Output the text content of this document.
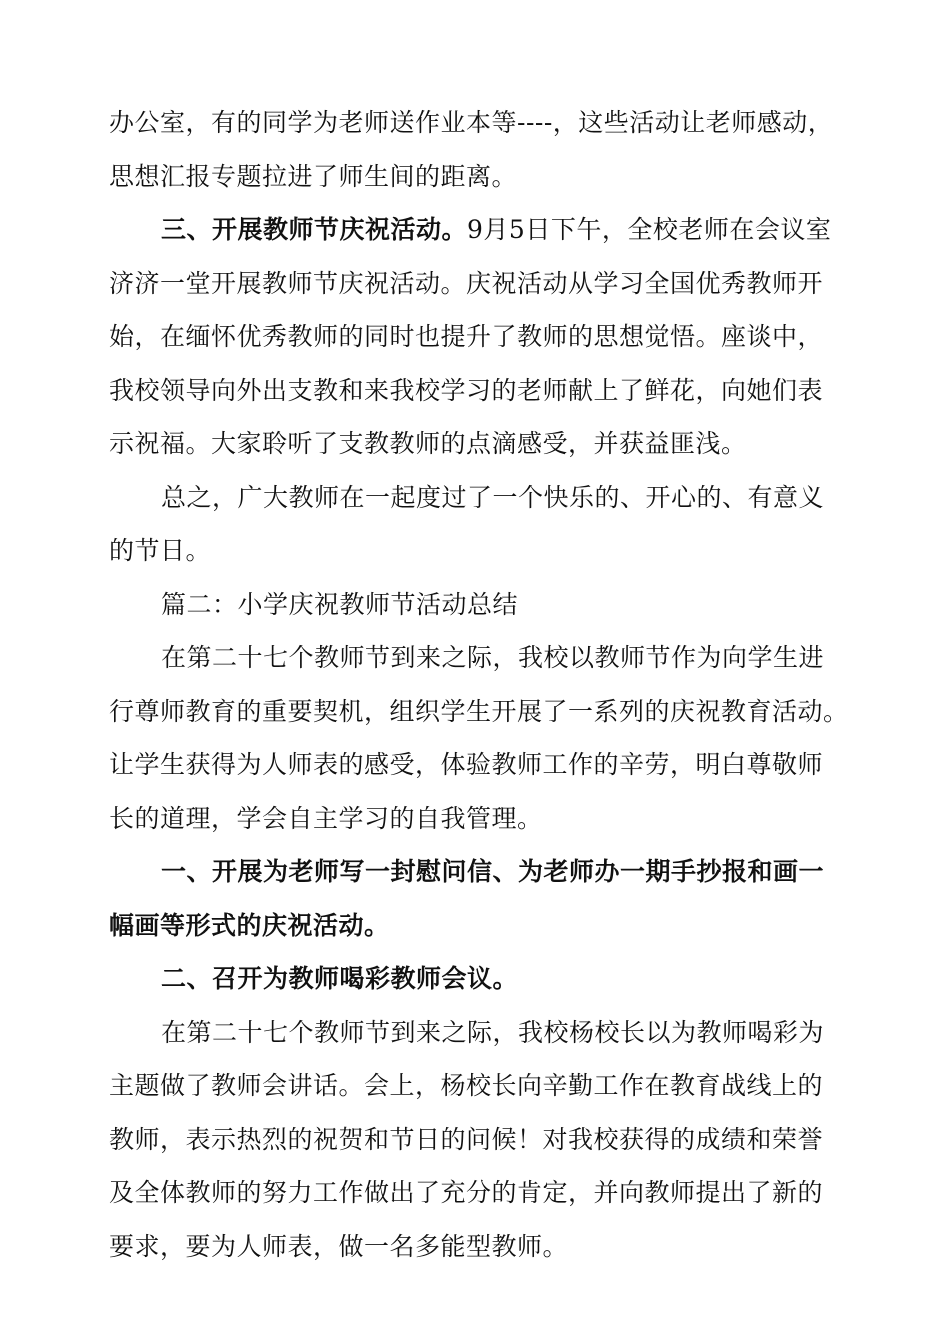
办公室，有的同学为老师送作业本等----，这些活动让老师感动，
思想汇报专题拉进了师生间的距离。
三、开展教师节庆祝活动。9月5日下午，全校老师在会议室
济济一堂开展教师节庆祝活动。庆祝活动从学习全国优秀教师开
始，在缅怀优秀教师的同时也提升了教师的思想觉悟。座谈中，
我校领导向外出支教和来我校学习的老师献上了鲜花，向她们表
示祝福。大家聆听了支教教师的点滴感受，并获益匪浅。
总之，广大教师在一起度过了一个快乐的、开心的、有意义
的节日。
篇二：小学庆祝教师节活动总结
在第二十七个教师节到来之际，我校以教师节作为向学生进
行尊师教育的重要契机，组织学生开展了一系列的庆祝教育活动。
让学生获得为人师表的感受，体验教师工作的辛劳，明白尊敬师
长的道理，学会自主学习的自我管理。
一、开展为老师写一封慰问信、为老师办一期手抄报和画一
幅画等形式的庆祝活动。
二、召开为教师喝彩教师会议。
在第二十七个教师节到来之际，我校杨校长以为教师喝彩为
主题做了教师会讲话。会上，杨校长向辛勤工作在教育战线上的
教师，表示热烈的祝贺和节日的问候！对我校获得的成绩和荣誉
及全体教师的努力工作做出了充分的肯定，并向教师提出了新的
要求，要为人师表，做一名多能型教师。
